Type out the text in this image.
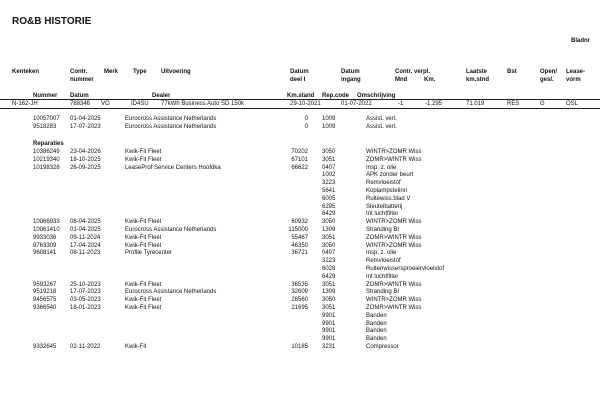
RO&B HISTORIE
Bladnr
Kenteken	Contr.	Merk Type Uitvoering	Datum	Datum	Contr. verpl.	Laatste	Bst	Open/ Lease-
nummer	deel I	ingang	Mnd	Km.	km.stnd	gesl. vorm
Nummer Datum	Dealer	Km.stand Rep.code Omschrijving
N-162-JH	788346 VO	ID4SU 77kWh Business Auto SD 150k	29-10-2021	01-07-2022	-1	-1.295	71.019	RES	G	OSL
10057007 01-04-2025	Eurocross Assistance Netherlands	0 1009	Assist. verl.
9518283 17-07-2023	Eurocross Assistance Netherlands	0 1009	Assist. verl.
Reparaties
10386249 23-04-2026	Kwik-Fit Fleet	70202 3050	WINTR>ZOMR Wiss
10219340 18-10-2025	Kwik-Fit Fleet	67101 3051	ZOMR>WINTR Wiss
10198328 26-09-2025	LeaseProf Service Centers Hoofdka	66622 0407	Insp. z. olie
1002	APK zonder beurt
3223	Remvloeistof
5641	Koplampstelinri
6005	Ruitewiss.blad V
6295	Sleutelbatterij
6429	Int luchtfilter
10066933 08-04-2025	Kwik-Fit Fleet	60932 3050	WINTR>ZOMR Wiss
10061410 01-04-2025	Eurocross Assistance Netherlands	115000 1309	Stranding BI
9933036 09-11-2024	Kwik-Fit Fleet	55467 3051	ZOMR>WINTR Wiss
9763309 17-04-2024	Kwik-Fit Fleet	46350 3050	WINTR>ZOMR Wiss
9608141 08-11-2023	Profile Tyrecenter	36721 0407	Insp. z. olie
3223	Remvloeistof
6028	Ruitenwissersproeiervloeistof
6429	Int luchtfilter
9593267 25-10-2023	Kwik-Fit Fleet	36535 3051	ZOMR>WINTR Wiss
9519218 17-07-2023	Eurocross Assistance Netherlands	32609 1309	Stranding BI
9456575 03-05-2023	Kwik-Fit Fleet	28560 3050	WINTR>ZOMR Wiss
9366540 18-01-2023	Kwik-Fit Fleet	21695 3051	ZOMR>WINTR Wiss
9901	Banden
9901	Banden
9901	Banden
9901	Banden
9332645 02-11-2022	Kwik-Fit	10185 3231	Compressor
